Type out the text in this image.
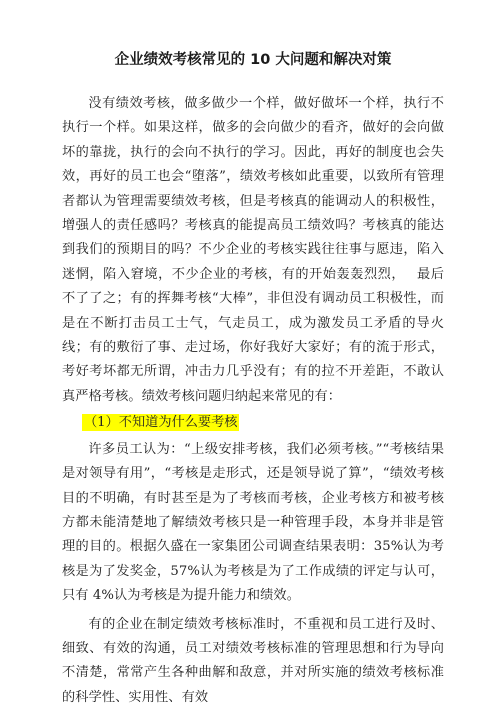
企业绩效考核常见的 10 大问题和解决对策

没有绩效考核，做多做少一个样，做好做坏一个样，执行不执行一个样。如果这样，做多的会向做少的看齐，做好的会向做坏的靠拢，执行的会向不执行的学习。因此，再好的制度也会失效，再好的员工也会“堕落”，绩效考核如此重要，以致所有管理者都认为管理需要绩效考核，但是考核真的能调动人的积极性，增强人的责任感吗？考核真的能提高员工绩效吗？考核真的能达到我们的预期目的吗？不少企业的考核实践往往事与愿违，陷入迷惘，陷入窘境，不少企业的考核，有的开始轰轰烈烈，　 最后不了了之；有的挥舞考核“大棒”，非但没有调动员工积极性，而是在不断打击员工士气，气走员工，成为激发员工矛盾的导火线；有的敷衍了事、走过场，你好我好大家好；有的流于形式，考好考坏都无所谓，冲击力几乎没有；有的拉不开差距，不敢认真严格考核。绩效考核问题归纳起来常见的有：

（1）不知道为什么要考核

许多员工认为：“上级安排考核，我们必须考核。”“考核结果是对领导有用”，“考核是走形式，还是领导说了算”，“绩效考核目的不明确，有时甚至是为了考核而考核，企业考核方和被考核方都未能清楚地了解绩效考核只是一种管理手段，本身并非是管理的目的。根据久盛在一家集团公司调查结果表明：35%认为考核是为了发奖金，57%认为考核是为了工作成绩的评定与认可，只有 4%认为考核是为提升能力和绩效。

有的企业在制定绩效考核标准时，不重视和员工进行及时、细致、有效的沟通，员工对绩效考核标准的管理思想和行为导向不清楚，常常产生各种曲解和敌意，并对所实施的绩效考核标准的科学性、实用性、有效
